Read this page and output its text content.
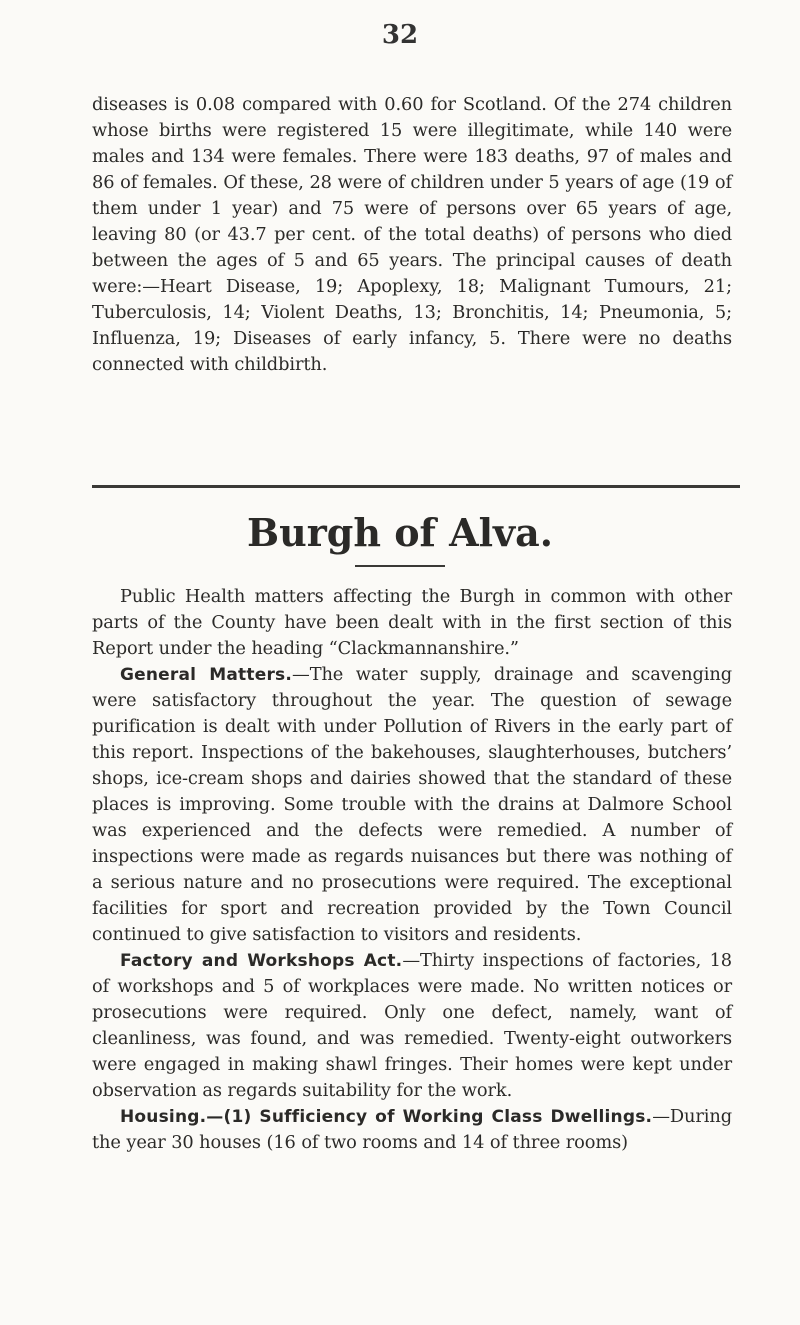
32

diseases is 0.08 compared with 0.60 for Scotland. Of the 274 children whose births were registered 15 were illegitimate, while 140 were males and 134 were females. There were 183 deaths, 97 of males and 86 of females. Of these, 28 were of children under 5 years of age (19 of them under 1 year) and 75 were of persons over 65 years of age, leaving 80 (or 43.7 per cent. of the total deaths) of persons who died between the ages of 5 and 65 years. The principal causes of death were:—Heart Disease, 19; Apoplexy, 18; Malignant Tumours, 21; Tuberculosis, 14; Violent Deaths, 13; Bronchitis, 14; Pneumonia, 5; Influenza, 19; Diseases of early infancy, 5. There were no deaths connected with childbirth.

Burgh of Alva.

Public Health matters affecting the Burgh in common with other parts of the County have been dealt with in the first section of this Report under the heading “Clackmannanshire.”

General Matters.—The water supply, drainage and scavenging were satisfactory throughout the year. The question of sewage purification is dealt with under Pollution of Rivers in the early part of this report. Inspections of the bakehouses, slaughterhouses, butchers’ shops, ice-cream shops and dairies showed that the standard of these places is improving. Some trouble with the drains at Dalmore School was experienced and the defects were remedied. A number of inspections were made as regards nuisances but there was nothing of a serious nature and no prosecutions were required. The exceptional facilities for sport and recreation provided by the Town Council continued to give satisfaction to visitors and residents.

Factory and Workshops Act.—Thirty inspections of factories, 18 of workshops and 5 of workplaces were made. No written notices or prosecutions were required. Only one defect, namely, want of cleanliness, was found, and was remedied. Twenty-eight outworkers were engaged in making shawl fringes. Their homes were kept under observation as regards suitability for the work.

Housing.—(1) Sufficiency of Working Class Dwellings.—During the year 30 houses (16 of two rooms and 14 of three rooms)
